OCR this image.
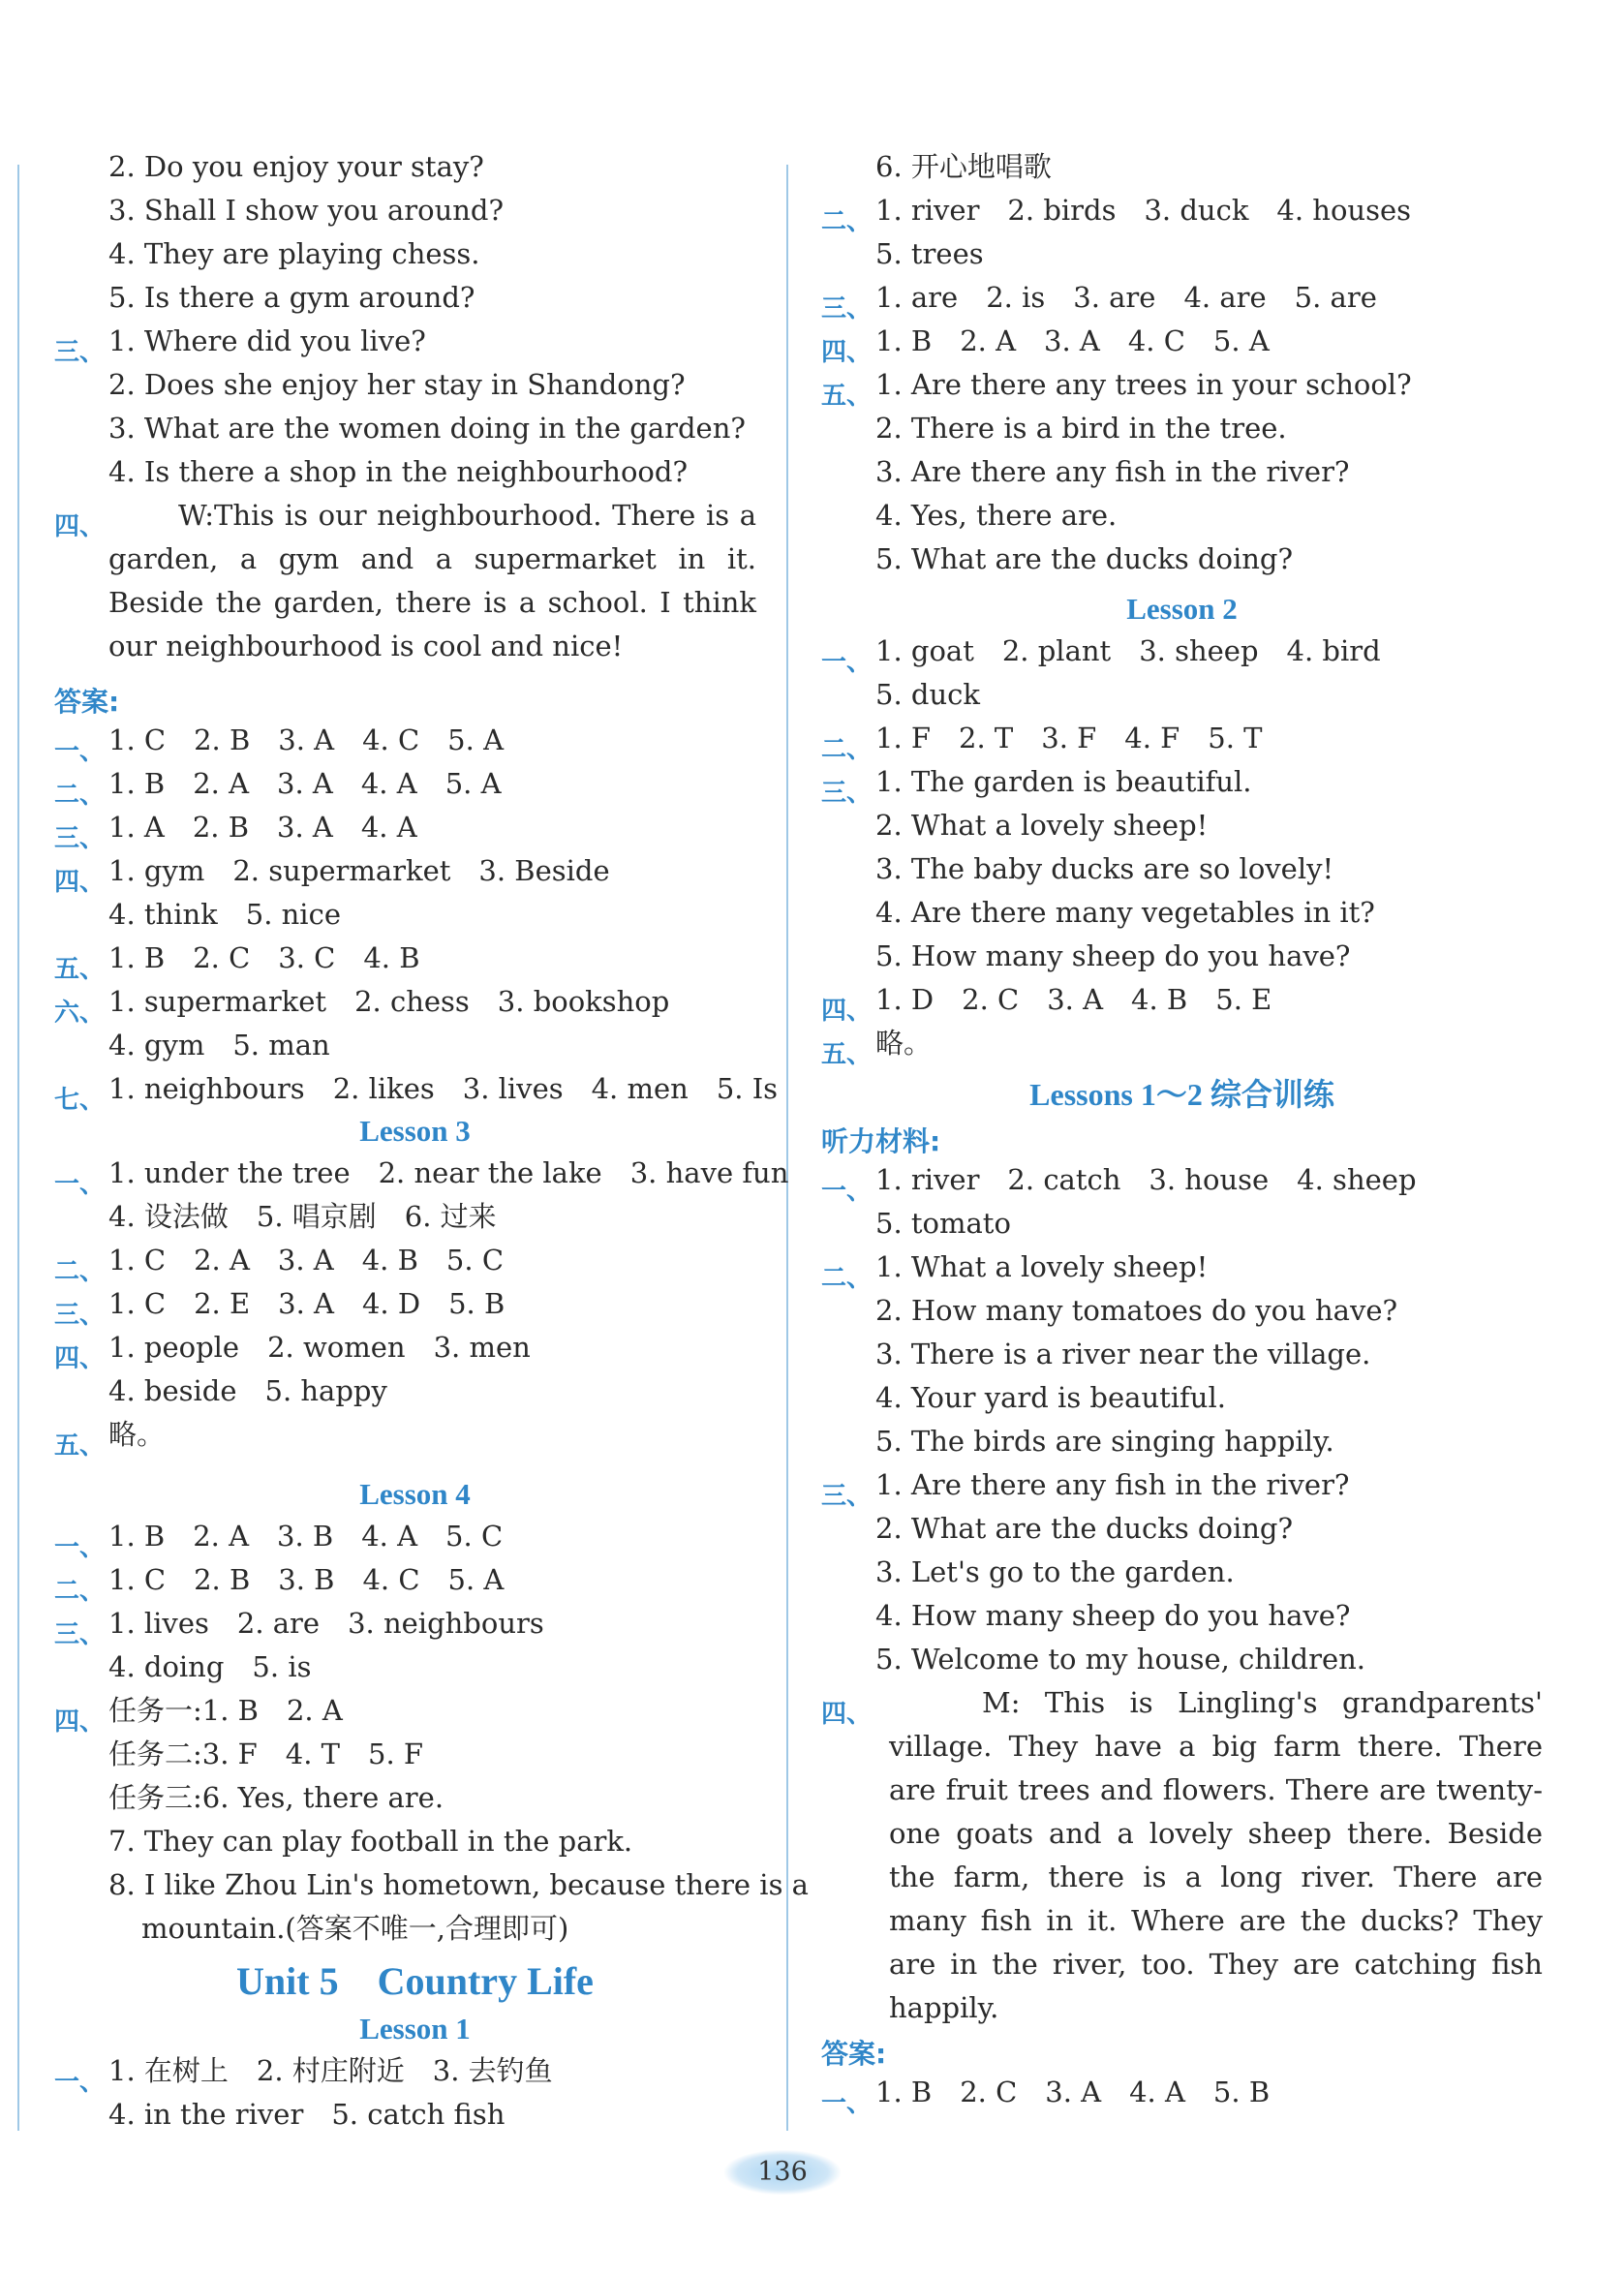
2. Do you enjoy your stay?
3. Shall I show you around?
4. They are playing chess.
5. Is there a gym around?
三、 1. Where did you live?
2. Does she enjoy her stay in Shandong?
3. What are the women doing in the garden?
4. Is there a shop in the neighbourhood?
四、	W:This is our neighbourhood. There is a garden, a gym and a supermarket in it. Beside the garden, there is a school. I think our neighbourhood is cool and nice!
答案:
一、 1. C　2. B　3. A　4. C　5. A
二、 1. B　2. A　3. A　4. A　5. A
三、 1. A　2. B　3. A　4. A
四、 1. gym　2. supermarket　3. Beside
4. think　5. nice
五、 1. B　2. C　3. C　4. B
六、 1. supermarket　2. chess　3. bookshop
4. gym　5. man
七、 1. neighbours　2. likes　3. lives　4. men　5. Is
Lesson 3
一、 1. under the tree　2. near the lake　3. have fun
4. 设法做　5. 唱京剧　6. 过来
二、 1. C　2. A　3. A　4. B　5. C
三、 1. C　2. E　3. A　4. D　5. B
四、 1. people　2. women　3. men
4. beside　5. happy
五、 略。
Lesson 4
一、 1. B　2. A　3. B　4. A　5. C
二、 1. C　2. B　3. B　4. C　5. A
三、 1. lives　2. are　3. neighbours
4. doing　5. is
四、 任务一:1. B　2. A
任务二:3. F　4. T　5. F
任务三:6. Yes, there are.
7. They can play football in the park.
8. I like Zhou Lin's hometown, because there is a
mountain.(答案不唯一,合理即可)
Unit 5　Country Life
Lesson 1
一、 1. 在树上　2. 村庄附近　3. 去钓鱼
4. in the river　5. catch fish
6. 开心地唱歌
二、 1. river　2. birds　3. duck　4. houses
5. trees
三、 1. are　2. is　3. are　4. are　5. are
四、 1. B　2. A　3. A　4. C　5. A
五、 1. Are there any trees in your school?
2. There is a bird in the tree.
3. Are there any fish in the river?
4. Yes, there are.
5. What are the ducks doing?
Lesson 2
一、 1. goat　2. plant　3. sheep　4. bird
5. duck
二、 1. F　2. T　3. F　4. F　5. T
三、 1. The garden is beautiful.
2. What a lovely sheep!
3. The baby ducks are so lovely!
4. Are there many vegetables in it?
5. How many sheep do you have?
四、 1. D　2. C　3. A　4. B　5. E
五、 略。
Lessons 1～2 综合训练
听力材料:
一、 1. river　2. catch　3. house　4. sheep
5. tomato
二、 1. What a lovely sheep!
2. How many tomatoes do you have?
3. There is a river near the village.
4. Your yard is beautiful.
5. The birds are singing happily.
三、 1. Are there any fish in the river?
2. What are the ducks doing?
3. Let's go to the garden.
4. How many sheep do you have?
5. Welcome to my house, children.
四、	M: This is Lingling's grandparents' village. They have a big farm there. There are fruit trees and flowers. There are twenty-one goats and a lovely sheep there. Beside the farm, there is a long river. There are many fish in it. Where are the ducks? They are in the river, too. They are catching fish happily.
答案:
一、 1. B　2. C　3. A　4. A　5. B
136
